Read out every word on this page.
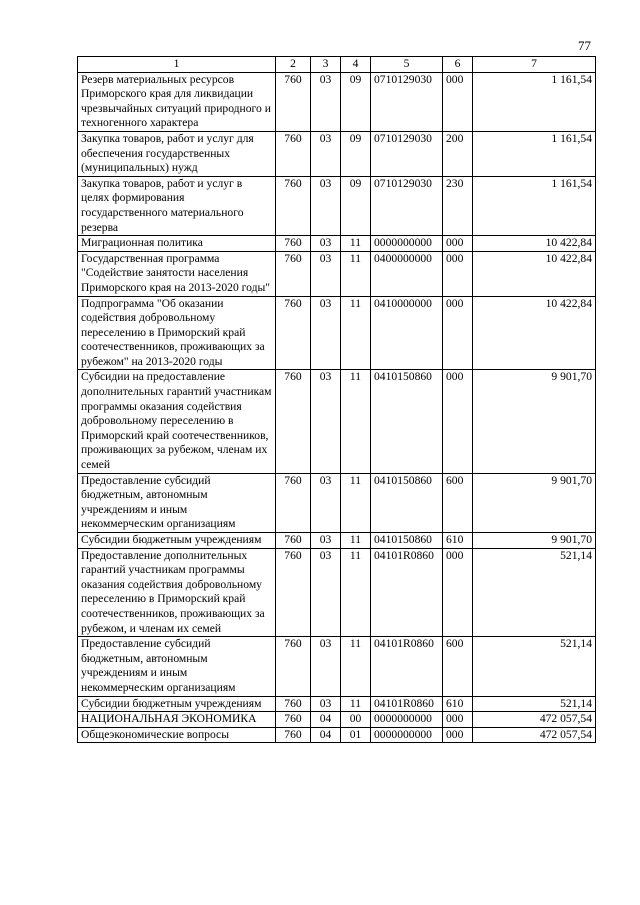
77
1	2	3	4	5	6	7
Резерв материальных ресурсов Приморского края для ликвидации чрезвычайных ситуаций природного и техногенного характера	760	03	09	0710129030	000	1 161,54
Закупка товаров, работ и услуг для обеспечения государственных (муниципальных) нужд	760	03	09	0710129030	200	1 161,54
Закупка товаров, работ и услуг в целях формирования государственного материального резерва	760	03	09	0710129030	230	1 161,54
Миграционная политика	760	03	11	0000000000	000	10 422,84
Государственная программа "Содействие занятости населения Приморского края на 2013-2020 годы"	760	03	11	0400000000	000	10 422,84
Подпрограмма "Об оказании содействия добровольному переселению в Приморский край соотечественников, проживающих за рубежом" на 2013-2020 годы	760	03	11	0410000000	000	10 422,84
Субсидии на предоставление дополнительных гарантий участникам программы оказания содействия добровольному переселению в Приморский край соотечественников, проживающих за рубежом, членам их семей	760	03	11	0410150860	000	9 901,70
Предоставление субсидий бюджетным, автономным учреждениям и иным некоммерческим организациям	760	03	11	0410150860	600	9 901,70
Субсидии бюджетным учреждениям	760	03	11	0410150860	610	9 901,70
Предоставление дополнительных гарантий участникам программы оказания содействия добровольному переселению в Приморский край соотечественников, проживающих за рубежом, и членам их семей	760	03	11	04101R0860	000	521,14
Предоставление субсидий бюджетным, автономным учреждениям и иным некоммерческим организациям	760	03	11	04101R0860	600	521,14
Субсидии бюджетным учреждениям	760	03	11	04101R0860	610	521,14
НАЦИОНАЛЬНАЯ ЭКОНОМИКА	760	04	00	0000000000	000	472 057,54
Общеэкономические вопросы	760	04	01	0000000000	000	472 057,54
